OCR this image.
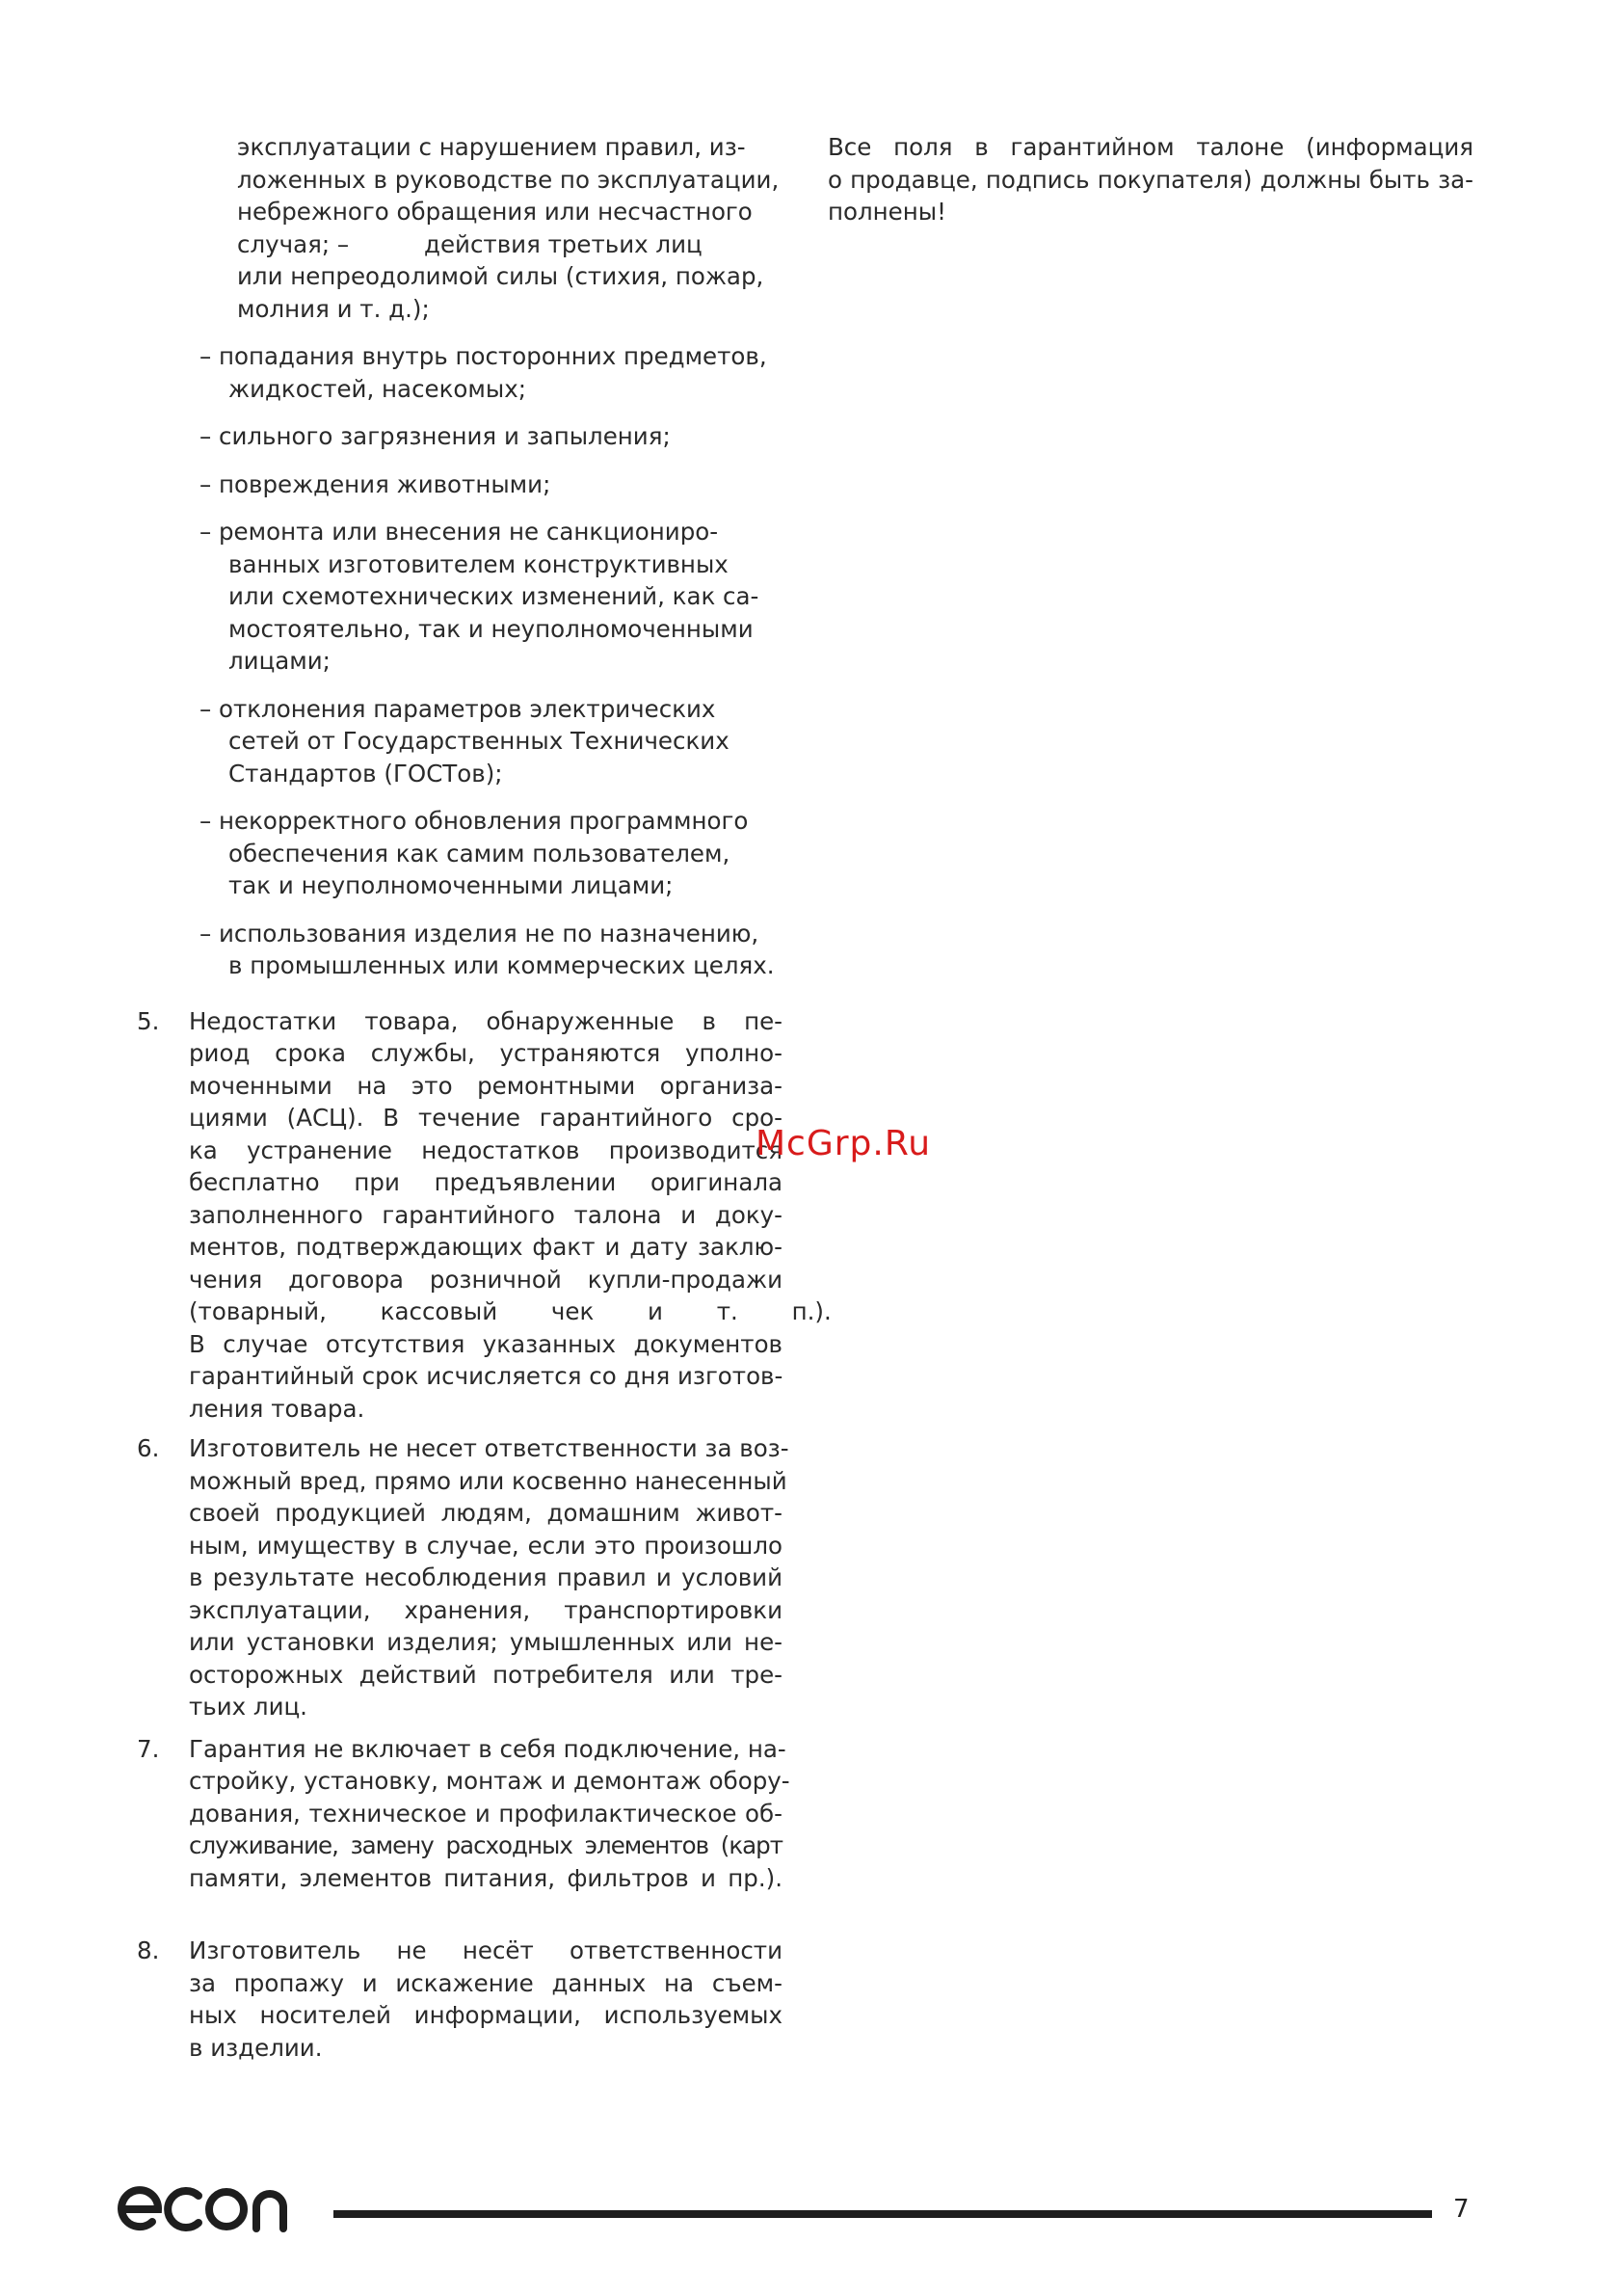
эксплуатации с нарушением правил, из-
ложенных в руководстве по эксплуатации,
небрежного обращения или несчастного
случая; –          действия третьих лиц
или непреодолимой силы (стихия, пожар,
молния и т. д.);
– попадания внутрь посторонних предметов,
жидкостей, насекомых;
– сильного загрязнения и запыления;
– повреждения животными;
– ремонта или внесения не санкциониро-
ванных изготовителем конструктивных
или схемотехнических изменений, как са-
мостоятельно, так и неуполномоченными
лицами;
– отклонения параметров электрических
сетей от Государственных Технических
Стандартов (ГОСТов);
– некорректного обновления программного
обеспечения как самим пользователем,
так и неуполномоченными лицами;
– использования изделия не по назначению,
в промышленных или коммерческих целях.
5. Недостатки товара, обнаруженные в пе-
риод срока службы, устраняются уполно-
моченными на это ремонтными организа-
циями (АСЦ). В течение гарантийного сро-
ка устранение недостатков производится
бесплатно при предъявлении оригинала
заполненного гарантийного талона и доку-
ментов, подтверждающих факт и дату заклю-
чения договора розничной купли-продажи
(товарный, кассовый чек и т. п.).
В случае отсутствия указанных документов
гарантийный срок исчисляется со дня изготов-
ления товара.
6. Изготовитель не несет ответственности за воз-
можный вред, прямо или косвенно нанесенный
своей продукцией людям, домашним живот-
ным, имуществу в случае, если это произошло
в результате несоблюдения правил и условий
эксплуатации, хранения, транспортировки
или установки изделия; умышленных или не-
осторожных действий потребителя или тре-
тьих лиц.
7. Гарантия не включает в себя подключение, на-
стройку, установку, монтаж и демонтаж обору-
дования, техническое и профилактическое об-
служивание, замену расходных элементов (карт
памяти, элементов питания, фильтров и пр.).
8. Изготовитель не несёт ответственности
за пропажу и искажение данных на съем-
ных носителей информации, используемых
в изделии.
Все поля в гарантийном талоне (информация
о продавце, подпись покупателя) должны быть за-
полнены!
McGrp.Ru
7
